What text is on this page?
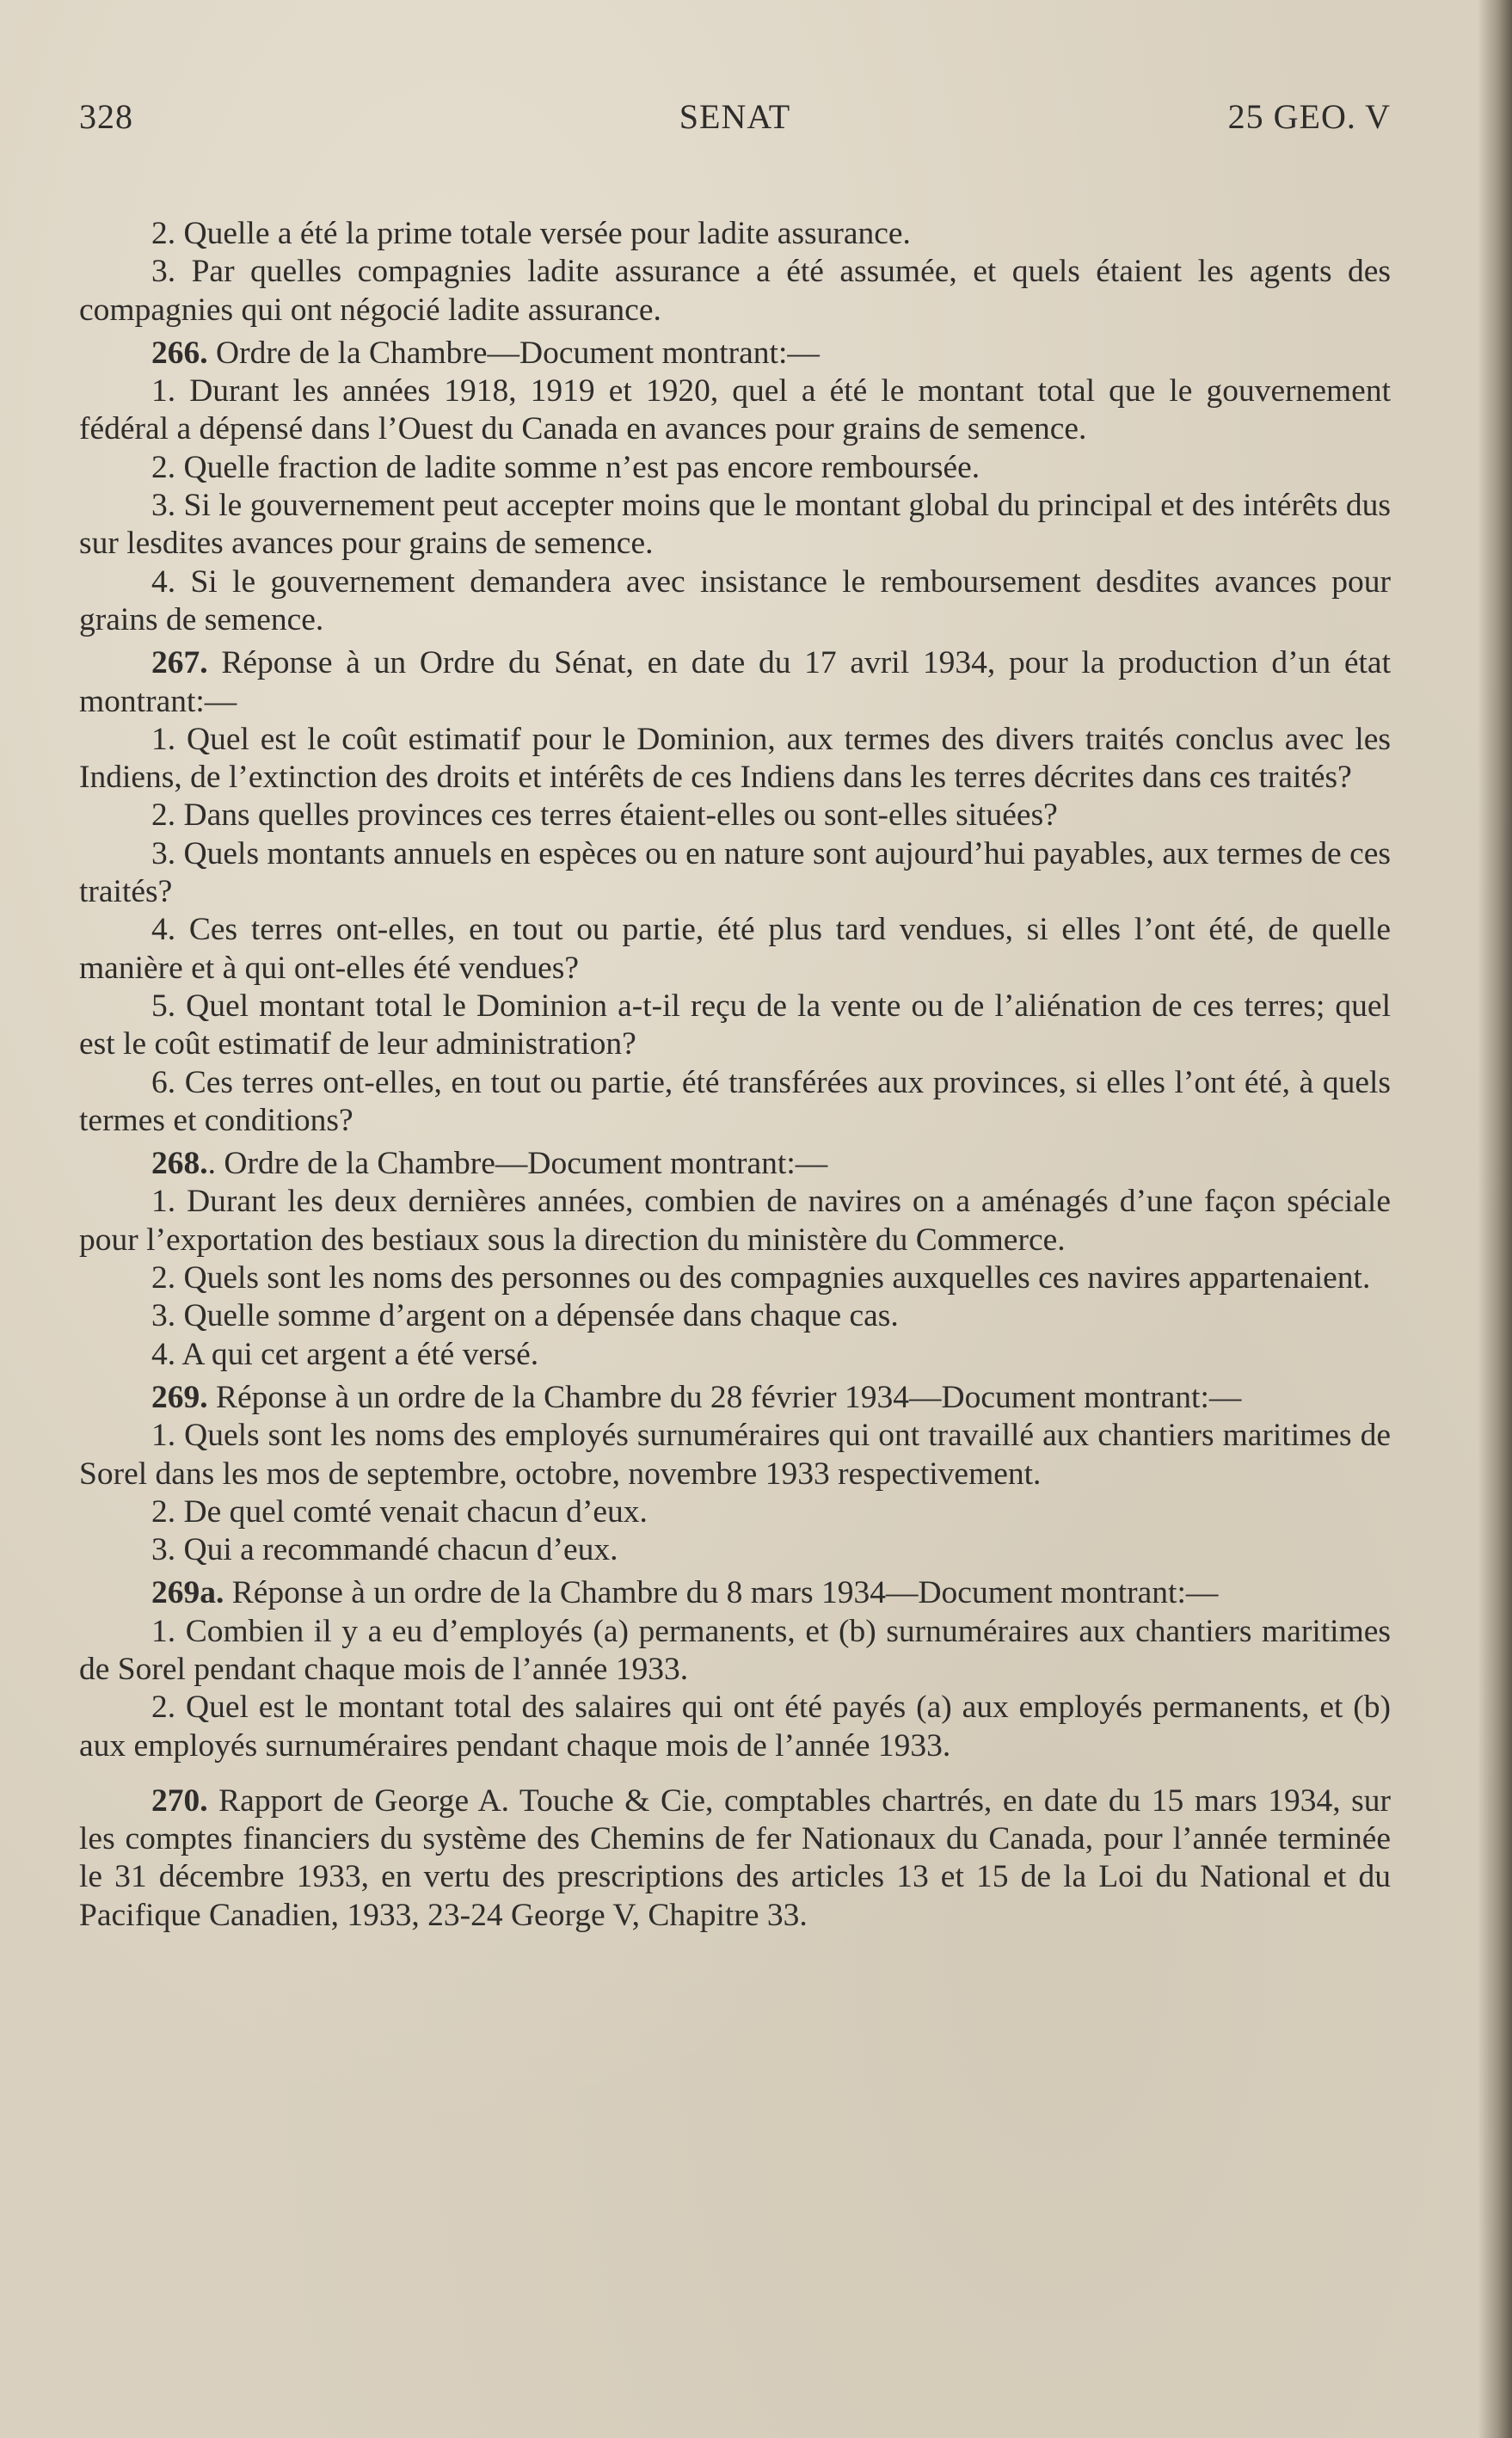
328	SENAT	25 GEO. V

2. Quelle a été la prime totale versée pour ladite assurance.

3. Par quelles compagnies ladite assurance a été assumée, et quels étaient les agents des compagnies qui ont négocié ladite assurance.

266. Ordre de la Chambre—Document montrant:—

1. Durant les années 1918, 1919 et 1920, quel a été le montant total que le gouvernement fédéral a dépensé dans l’Ouest du Canada en avances pour grains de semence.

2. Quelle fraction de ladite somme n’est pas encore remboursée.

3. Si le gouvernement peut accepter moins que le montant global du principal et des intérêts dus sur lesdites avances pour grains de semence.

4. Si le gouvernement demandera avec insistance le remboursement desdites avances pour grains de semence.

267. Réponse à un Ordre du Sénat, en date du 17 avril 1934, pour la production d’un état montrant:—

1. Quel est le coût estimatif pour le Dominion, aux termes des divers traités conclus avec les Indiens, de l’extinction des droits et intérêts de ces Indiens dans les terres décrites dans ces traités?

2. Dans quelles provinces ces terres étaient-elles ou sont-elles situées?

3. Quels montants annuels en espèces ou en nature sont aujourd’hui payables, aux termes de ces traités?

4. Ces terres ont-elles, en tout ou partie, été plus tard vendues, si elles l’ont été, de quelle manière et à qui ont-elles été vendues?

5. Quel montant total le Dominion a-t-il reçu de la vente ou de l’aliénation de ces terres; quel est le coût estimatif de leur administration?

6. Ces terres ont-elles, en tout ou partie, été transférées aux provinces, si elles l’ont été, à quels termes et conditions?

268.. Ordre de la Chambre—Document montrant:—

1. Durant les deux dernières années, combien de navires on a aménagés d’une façon spéciale pour l’exportation des bestiaux sous la direction du ministère du Commerce.

2. Quels sont les noms des personnes ou des compagnies auxquelles ces navires appartenaient.

3. Quelle somme d’argent on a dépensée dans chaque cas.

4. A qui cet argent a été versé.

269. Réponse à un ordre de la Chambre du 28 février 1934—Document montrant:—

1. Quels sont les noms des employés surnuméraires qui ont travaillé aux chantiers maritimes de Sorel dans les mos de septembre, octobre, novembre 1933 respectivement.

2. De quel comté venait chacun d’eux.

3. Qui a recommandé chacun d’eux.

269a. Réponse à un ordre de la Chambre du 8 mars 1934—Document montrant:—

1. Combien il y a eu d’employés (a) permanents, et (b) surnuméraires aux chantiers maritimes de Sorel pendant chaque mois de l’année 1933.

2. Quel est le montant total des salaires qui ont été payés (a) aux employés permanents, et (b) aux employés surnuméraires pendant chaque mois de l’année 1933.

270. Rapport de George A. Touche & Cie, comptables chartrés, en date du 15 mars 1934, sur les comptes financiers du système des Chemins de fer Nationaux du Canada, pour l’année terminée le 31 décembre 1933, en vertu des prescriptions des articles 13 et 15 de la Loi du National et du Pacifique Canadien, 1933, 23-24 George V, Chapitre 33.
